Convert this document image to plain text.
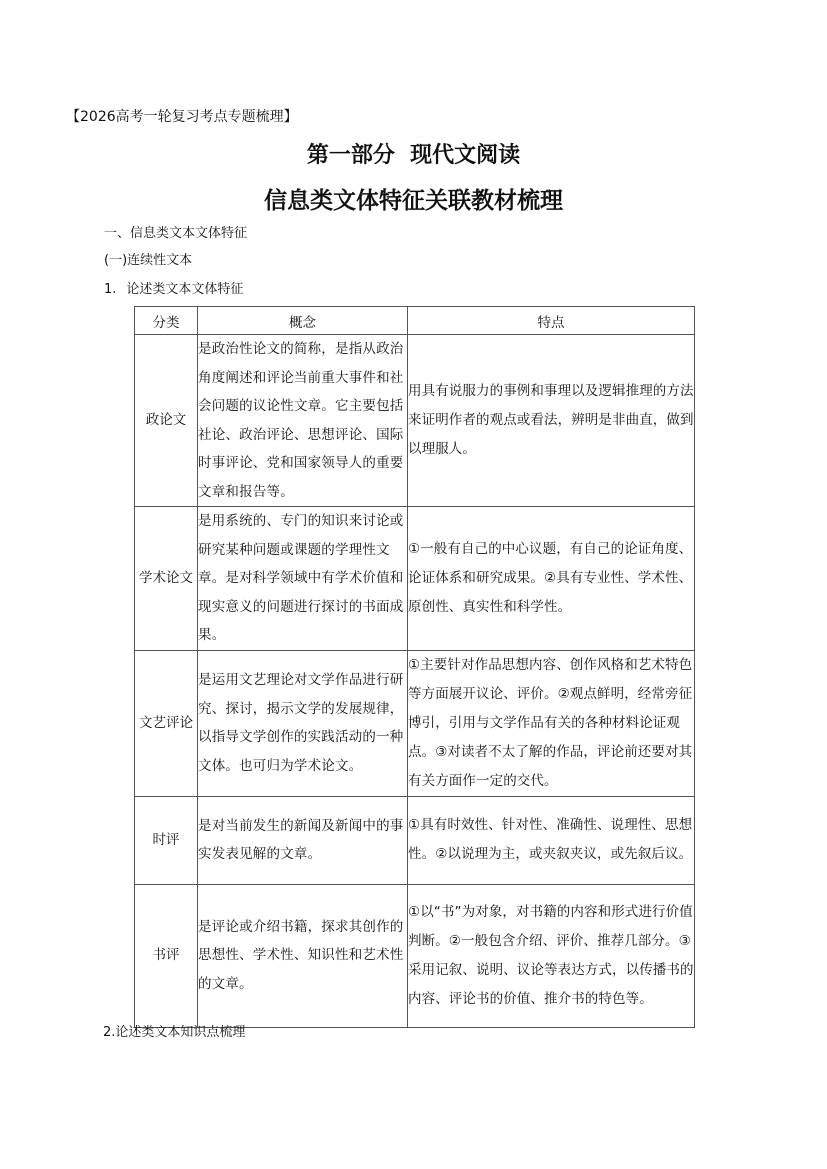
【2026高考一轮复习考点专题梳理】
第一部分  现代文阅读
信息类文体特征关联教材梳理
一、信息类文本文体特征
(一)连续性文本
1. 论述类文本文体特征
分类	概念	特点
政论文	是政治性论文的简称，是指从政治角度阐述和评论当前重大事件和社会问题的议论性文章。它主要包括社论、政治评论、思想评论、国际时事评论、党和国家领导人的重要文章和报告等。	用具有说服力的事例和事理以及逻辑推理的方法来证明作者的观点或看法，辨明是非曲直，做到以理服人。
学术论文	是用系统的、专门的知识来讨论或研究某种问题或课题的学理性文章。是对科学领域中有学术价值和现实意义的问题进行探讨的书面成果。	①一般有自己的中心议题，有自己的论证角度、论证体系和研究成果。②具有专业性、学术性、原创性、真实性和科学性。
文艺评论	是运用文艺理论对文学作品进行研究、探讨，揭示文学的发展规律，以指导文学创作的实践活动的一种文体。也可归为学术论文。	①主要针对作品思想内容、创作风格和艺术特色等方面展开议论、评价。②观点鲜明，经常旁征博引，引用与文学作品有关的各种材料论证观点。③对读者不太了解的作品，评论前还要对其有关方面作一定的交代。
时评	是对当前发生的新闻及新闻中的事实发表见解的文章。	①具有时效性、针对性、准确性、说理性、思想性。②以说理为主，或夹叙夹议，或先叙后议。
书评	是评论或介绍书籍，探求其创作的思想性、学术性、知识性和艺术性的文章。	①以“书”为对象，对书籍的内容和形式进行价值判断。②一般包含介绍、评价、推荐几部分。③采用记叙、说明、议论等表达方式，以传播书的内容、评论书的价值、推介书的特色等。
2.论述类文本知识点梳理
